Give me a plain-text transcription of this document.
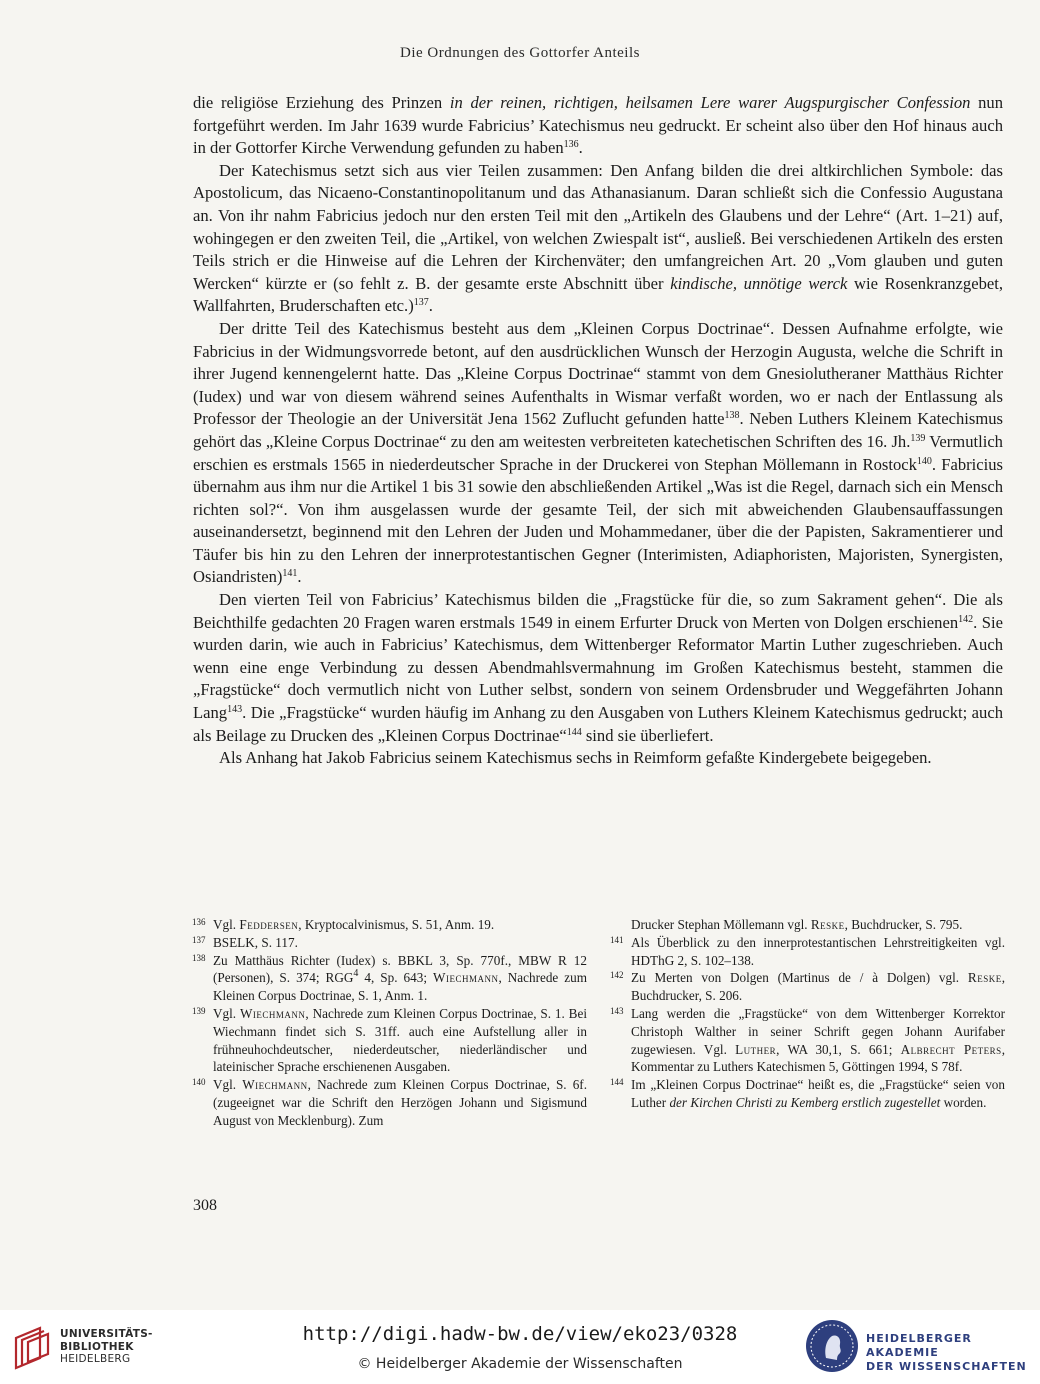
Die Ordnungen des Gottorfer Anteils

die religiöse Erziehung des Prinzen in der reinen, richtigen, heilsamen Lere warer Augspurgischer Confession nun fortgeführt werden. Im Jahr 1639 wurde Fabricius’ Katechismus neu gedruckt. Er scheint also über den Hof hinaus auch in der Gottorfer Kirche Verwendung gefunden zu haben$^{136}$.

Der Katechismus setzt sich aus vier Teilen zusammen: Den Anfang bilden die drei altkirchlichen Symbole: das Apostolicum, das Nicaeno-Constantinopolitanum und das Athanasianum. Daran schließt sich die Confessio Augustana an. Von ihr nahm Fabricius jedoch nur den ersten Teil mit den „Artikeln des Glaubens und der Lehre“ (Art. 1–21) auf, wohingegen er den zweiten Teil, die „Artikel, von welchen Zwiespalt ist“, ausließ. Bei verschiedenen Artikeln des ersten Teils strich er die Hinweise auf die Lehren der Kirchenväter; den umfangreichen Art. 20 „Vom glauben und guten Wercken“ kürzte er (so fehlt z. B. der gesamte erste Abschnitt über kindische, unnötige werck wie Rosenkranzgebet, Wallfahrten, Bruderschaften etc.)$^{137}$.

Der dritte Teil des Katechismus besteht aus dem „Kleinen Corpus Doctrinae“. Dessen Aufnahme erfolgte, wie Fabricius in der Widmungsvorrede betont, auf den ausdrücklichen Wunsch der Herzogin Augusta, welche die Schrift in ihrer Jugend kennengelernt hatte. Das „Kleine Corpus Doctrinae“ stammt von dem Gnesiolutheraner Matthäus Richter (Iudex) und war von diesem während seines Aufenthalts in Wismar verfaßt worden, wo er nach der Entlassung als Professor der Theologie an der Universität Jena 1562 Zuflucht gefunden hatte$^{138}$. Neben Luthers Kleinem Katechismus gehört das „Kleine Corpus Doctrinae“ zu den am weitesten verbreiteten katechetischen Schriften des 16. Jh.$^{139}$ Vermutlich erschien es erstmals 1565 in niederdeutscher Sprache in der Druckerei von Stephan Möllemann in Rostock$^{140}$. Fabricius übernahm aus ihm nur die Artikel 1 bis 31 sowie den abschließenden Artikel „Was ist die Regel, darnach sich ein Mensch richten sol?“. Von ihm ausgelassen wurde der gesamte Teil, der sich mit abweichenden Glaubensauffassungen auseinandersetzt, beginnend mit den Lehren der Juden und Mohammedaner, über die der Papisten, Sakramentierer und Täufer bis hin zu den Lehren der innerprotestantischen Gegner (Interimisten, Adiaphoristen, Majoristen, Synergisten, Osiandristen)$^{141}$.

Den vierten Teil von Fabricius’ Katechismus bilden die „Fragstücke für die, so zum Sakrament gehen“. Die als Beichthilfe gedachten 20 Fragen waren erstmals 1549 in einem Erfurter Druck von Merten von Dolgen erschienen$^{142}$. Sie wurden darin, wie auch in Fabricius’ Katechismus, dem Wittenberger Reformator Martin Luther zugeschrieben. Auch wenn eine enge Verbindung zu dessen Abendmahlsvermahnung im Großen Katechismus besteht, stammen die „Fragstücke“ doch vermutlich nicht von Luther selbst, sondern von seinem Ordensbruder und Weggefährten Johann Lang$^{143}$. Die „Fragstücke“ wurden häufig im Anhang zu den Ausgaben von Luthers Kleinem Katechismus gedruckt; auch als Beilage zu Drucken des „Kleinen Corpus Doctrinae“$^{144}$ sind sie überliefert.

Als Anhang hat Jakob Fabricius seinem Katechismus sechs in Reimform gefaßte Kindergebete beigegeben.

136 Vgl. Feddersen, Kryptocalvinismus, S. 51, Anm. 19.
137 BSELK, S. 117.
138 Zu Matthäus Richter (Iudex) s. BBKL 3, Sp. 770f., MBW R 12 (Personen), S. 374; RGG$^4$ 4, Sp. 643; Wiechmann, Nachrede zum Kleinen Corpus Doctrinae, S. 1, Anm. 1.
139 Vgl. Wiechmann, Nachrede zum Kleinen Corpus Doctrinae, S. 1. Bei Wiechmann findet sich S. 31ff. auch eine Aufstellung aller in frühneuhochdeutscher, niederdeutscher, niederländischer und lateinischer Sprache erschienenen Ausgaben.
140 Vgl. Wiechmann, Nachrede zum Kleinen Corpus Doctrinae, S. 6f. (zugeeignet war die Schrift den Herzögen Johann und Sigismund August von Mecklenburg). Zum
Drucker Stephan Möllemann vgl. Reske, Buchdrucker, S. 795.
141 Als Überblick zu den innerprotestantischen Lehrstreitigkeiten vgl. HDThG 2, S. 102–138.
142 Zu Merten von Dolgen (Martinus de / à Dolgen) vgl. Reske, Buchdrucker, S. 206.
143 Lang werden die „Fragstücke“ von dem Wittenberger Korrektor Christoph Walther in seiner Schrift gegen Johann Aurifaber zugewiesen. Vgl. Luther, WA 30,1, S. 661; Albrecht Peters, Kommentar zu Luthers Katechismen 5, Göttingen 1994, S 78f.
144 Im „Kleinen Corpus Doctrinae“ heißt es, die „Fragstücke“ seien von Luther der Kirchen Christi zu Kemberg erstlich zugestellet worden.
308
UNIVERSITÄTS-
BIBLIOTHEK
HEIDELBERG
http://digi.hadw-bw.de/view/eko23/0328
© Heidelberger Akademie der Wissenschaften
HEIDELBERGER AKADEMIE
DER WISSENSCHAFTEN
